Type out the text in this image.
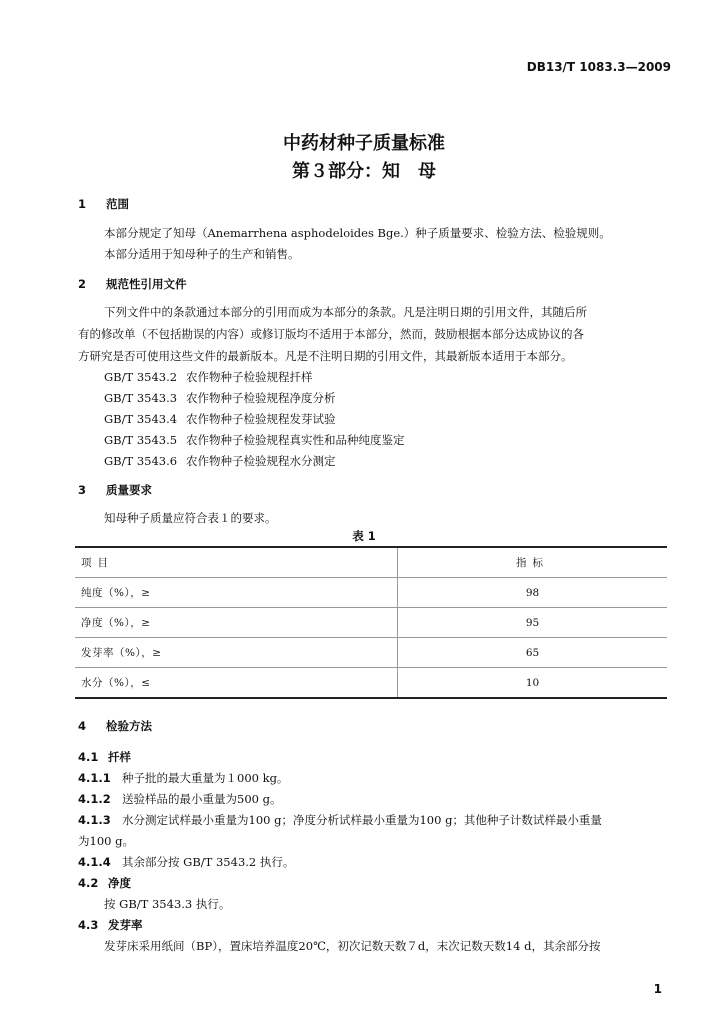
DB13/T 1083.3—2009
中药材种子质量标准
第３部分：知　母
1 范围
本部分规定了知母（Anemarrhena asphodeloides Bge.）种子质量要求、检验方法、检验规则。
本部分适用于知母种子的生产和销售。
2 规范性引用文件
下列文件中的条款通过本部分的引用而成为本部分的条款。凡是注明日期的引用文件，其随后所
有的修改单（不包括勘误的内容）或修订版均不适用于本部分，然而，鼓励根据本部分达成协议的各
方研究是否可使用这些文件的最新版本。凡是不注明日期的引用文件，其最新版本适用于本部分。
GB/T 3543.2 农作物种子检验规程扦样
GB/T 3543.3 农作物种子检验规程净度分析
GB/T 3543.4 农作物种子检验规程发芽试验
GB/T 3543.5 农作物种子检验规程真实性和品种纯度鉴定
GB/T 3543.6 农作物种子检验规程水分测定
3 质量要求
知母种子质量应符合表１的要求。
表 1
项目	指标
纯度（%），≥	98
净度（%），≥	95
发芽率（%），≥	65
水分（%），≤	10
4 检验方法
4.1 扦样
4.1.1 种子批的最大重量为１000 kg。
4.1.2 送验样品的最小重量为500 g。
4.1.3 水分测定试样最小重量为100 g；净度分析试样最小重量为100 g；其他种子计数试样最小重量
为100 g。
4.1.4 其余部分按 GB/T 3543.2 执行。
4.2 净度
按 GB/T 3543.3 执行。
4.3 发芽率
发芽床采用纸间（BP），置床培养温度20℃，初次记数天数７d，末次记数天数14 d，其余部分按
1
